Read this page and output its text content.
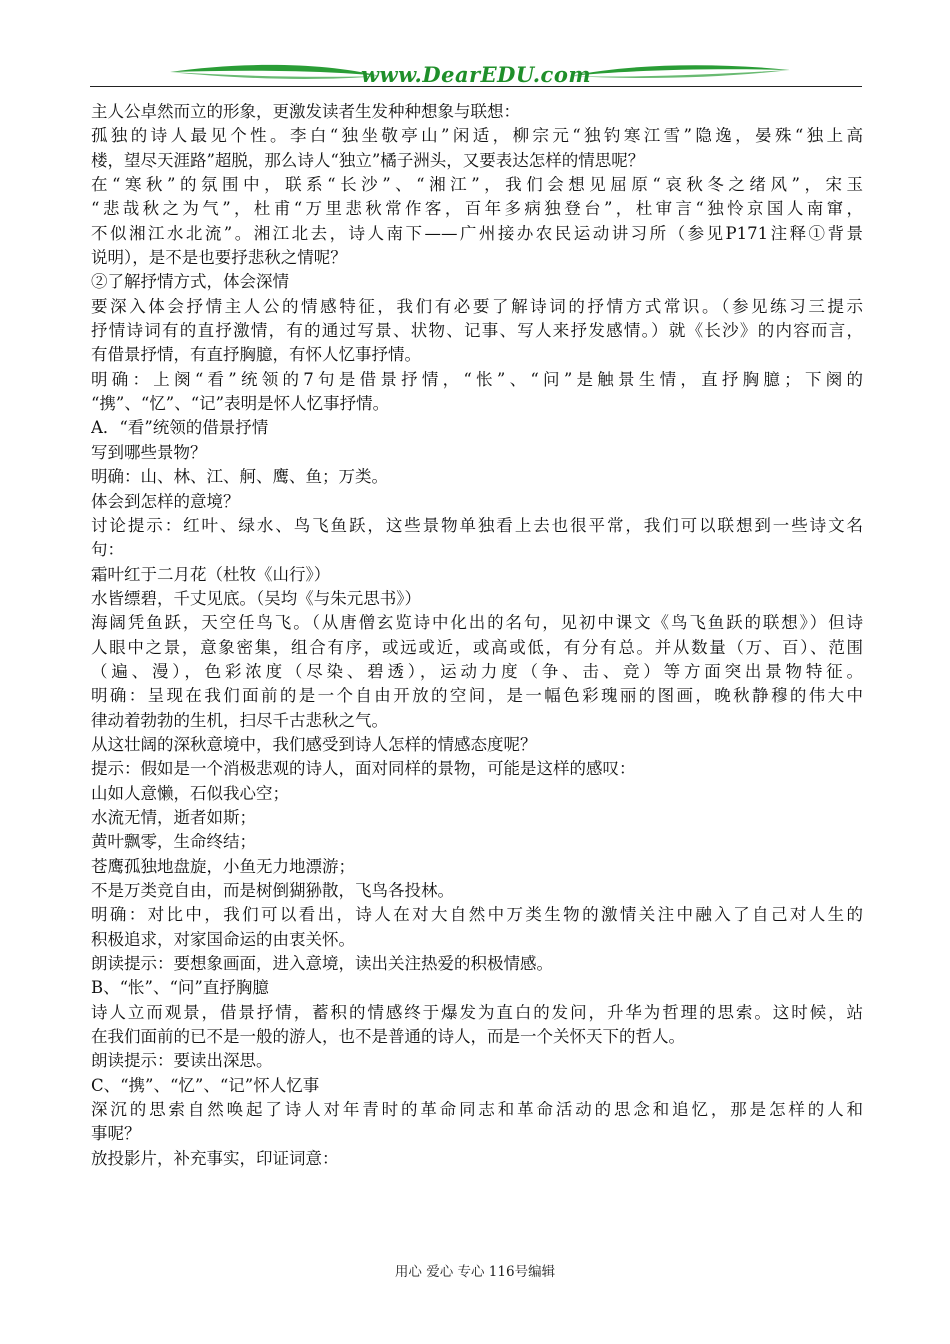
www.DearEDU.com
主人公卓然而立的形象，更激发读者生发种种想象与联想：
孤独的诗人最见个性。李白“独坐敬亭山”闲适，柳宗元“独钓寒江雪”隐逸，晏殊“独上高
楼，望尽天涯路”超脱，那么诗人“独立”橘子洲头，又要表达怎样的情思呢？
在“寒秋”的氛围中，联系“长沙”、“湘江”，我们会想见屈原“哀秋冬之绪风”，宋玉
“悲哉秋之为气”，杜甫“万里悲秋常作客，百年多病独登台”，杜审言“独怜京国人南窜，
不似湘江水北流”。湘江北去，诗人南下——广州接办农民运动讲习所（参见P171注释①背景
说明），是不是也要抒悲秋之情呢？
②了解抒情方式，体会深情
要深入体会抒情主人公的情感特征，我们有必要了解诗词的抒情方式常识。（参见练习三提示
抒情诗词有的直抒激情，有的通过写景、状物、记事、写人来抒发感情。）就《长沙》的内容而言，
有借景抒情，有直抒胸臆，有怀人忆事抒情。
明确：上阕“看”统领的7句是借景抒情，“怅”、“问”是触景生情，直抒胸臆；下阕的
“携”、“忆”、“记”表明是怀人忆事抒情。
A．“看”统领的借景抒情
写到哪些景物？
明确：山、林、江、舸、鹰、鱼；万类。
体会到怎样的意境？
讨论提示：红叶、绿水、鸟飞鱼跃，这些景物单独看上去也很平常，我们可以联想到一些诗文名
句：
霜叶红于二月花（杜牧《山行》）
水皆缥碧，千丈见底。（吴均《与朱元思书》）
海阔凭鱼跃，天空任鸟飞。（从唐僧玄览诗中化出的名句，见初中课文《鸟飞鱼跃的联想》）但诗
人眼中之景，意象密集，组合有序，或远或近，或高或低，有分有总。并从数量（万、百）、范围
（遍、漫），色彩浓度（尽染、碧透），运动力度（争、击、竞）等方面突出景物特征。
明确：呈现在我们面前的是一个自由开放的空间，是一幅色彩瑰丽的图画，晚秋静穆的伟大中
律动着勃勃的生机，扫尽千古悲秋之气。
从这壮阔的深秋意境中，我们感受到诗人怎样的情感态度呢？
提示：假如是一个消极悲观的诗人，面对同样的景物，可能是这样的感叹：
山如人意懒，石似我心空；
水流无情，逝者如斯；
黄叶飘零，生命终结；
苍鹰孤独地盘旋，小鱼无力地漂游；
不是万类竞自由，而是树倒猢狲散，飞鸟各投林。
明确：对比中，我们可以看出，诗人在对大自然中万类生物的激情关注中融入了自己对人生的
积极追求，对家国命运的由衷关怀。
朗读提示：要想象画面，进入意境，读出关注热爱的积极情感。
B、“怅”、“问”直抒胸臆
诗人立而观景，借景抒情，蓄积的情感终于爆发为直白的发问，升华为哲理的思索。这时候，站
在我们面前的已不是一般的游人，也不是普通的诗人，而是一个关怀天下的哲人。
朗读提示：要读出深思。
C、“携”、“忆”、“记”怀人忆事
深沉的思索自然唤起了诗人对年青时的革命同志和革命活动的思念和追忆，那是怎样的人和
事呢？
放投影片，补充事实，印证词意：
用心 爱心 专心 116号编辑
